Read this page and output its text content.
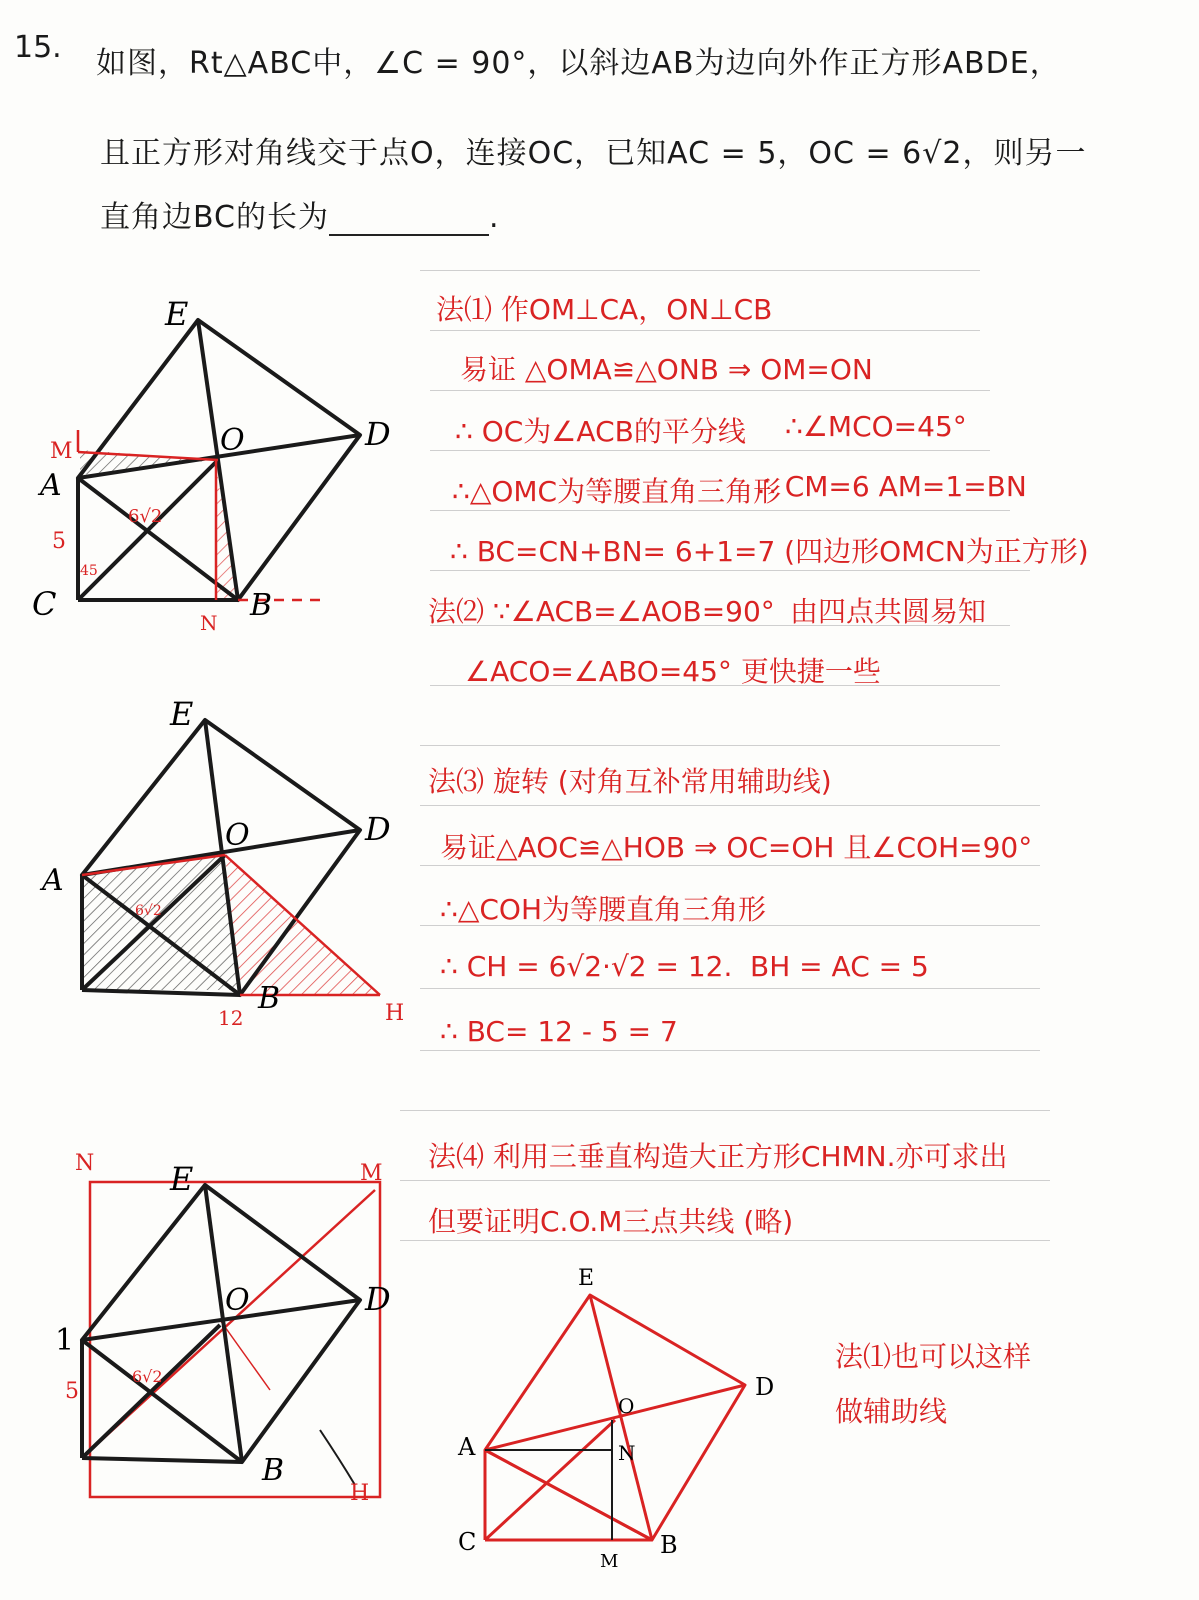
15. 如图，Rt△ABC中，∠C = 90°，以斜边AB为边向外作正方形ABDE，
且正方形对角线交于点O，连接OC，已知AC = 5，OC = 6√2，则另一
直角边BC的长为	.
法⑴ 作OM⊥CA，ON⊥CB
易证 △OMA≌△ONB ⇒ OM=ON
∴ OC为∠ACB的平分线 ∴∠MCO=45°
∴△OMC为等腰直角三角形
∴ CM=6 AM=1=BN
∴ BC=CN+BN= 6+1=7 (四边形OMCN为正方形)
法⑵ ∵∠ACB=∠AOB=90° 由四点共圆易知
∠ACO=∠ABO=45° 更快捷一些
法⑶ 旋转 (对角互补常用辅助线)
易证△AOC≌△HOB ⇒ OC=OH 且∠COH=90°
∴△COH为等腰直角三角形
∴ CH = 6√2·√2 = 12. BH = AC = 5
∴ BC= 12 - 5 = 7
法⑷ 利用三垂直构造大正方形CHMN.亦可求出
但要证明C.O.M三点共线 (略)
法⑴也可以这样
做辅助线
E
D
O
A
B
C
M
N
5
6√2
45
E
D
O
A
B	H
12
6√2
N	M
H
E
D
O
1
B
5
6√2
E
D
O
A	N
C	B
M
